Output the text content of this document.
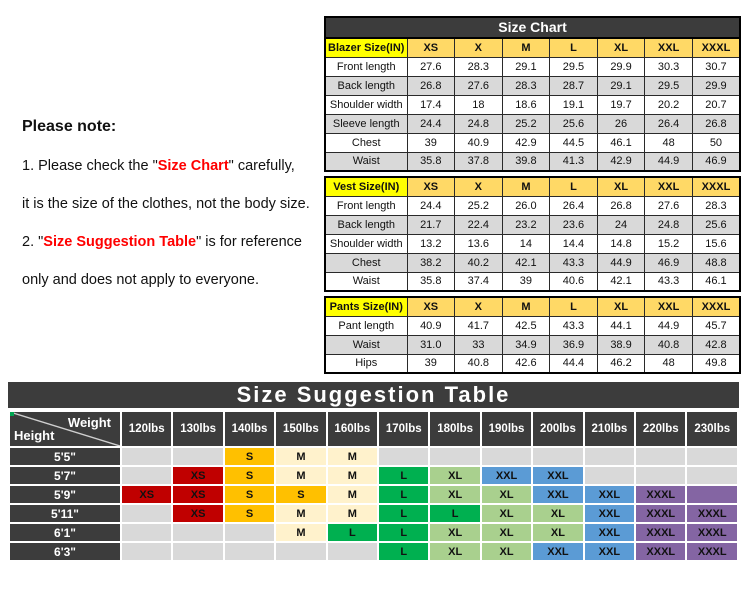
Please note:
1. Please check the "Size Chart" carefully,
it is the size of the clothes, not the body size.
2. "Size Suggestion Table" is for reference
only and does not apply to everyone.
Size Chart
Blazer Size(IN)	XS	X	M	L	XL	XXL	XXXL
Front length	27.6	28.3	29.1	29.5	29.9	30.3	30.7
Back length	26.8	27.6	28.3	28.7	29.1	29.5	29.9
Shoulder width	17.4	18	18.6	19.1	19.7	20.2	20.7
Sleeve length	24.4	24.8	25.2	25.6	26	26.4	26.8
Chest	39	40.9	42.9	44.5	46.1	48	50
Waist	35.8	37.8	39.8	41.3	42.9	44.9	46.9
Vest Size(IN)	XS	X	M	L	XL	XXL	XXXL
Front length	24.4	25.2	26.0	26.4	26.8	27.6	28.3
Back length	21.7	22.4	23.2	23.6	24	24.8	25.6
Shoulder width	13.2	13.6	14	14.4	14.8	15.2	15.6
Chest	38.2	40.2	42.1	43.3	44.9	46.9	48.8
Waist	35.8	37.4	39	40.6	42.1	43.3	46.1
Pants Size(IN)	XS	X	M	L	XL	XXL	XXXL
Pant length	40.9	41.7	42.5	43.3	44.1	44.9	45.7
Waist	31.0	33	34.9	36.9	38.9	40.8	42.8
Hips	39	40.8	42.6	44.4	46.2	48	49.8
Size Suggestion Table
Weight
Height	120lbs	130lbs	140lbs	150lbs	160lbs	170lbs	180lbs	190lbs	200lbs	210lbs	220lbs	230lbs
5'5"			S	M	M							
5'7"		XS	S	M	M	L	XL	XXL	XXL			
5'9"	XS	XS	S	S	M	L	XL	XL	XXL	XXL	XXXL	
5'11"		XS	S	M	M	L	L	XL	XL	XXL	XXXL	XXXL
6'1"				M	L	L	XL	XL	XL	XXL	XXXL	XXXL
6'3"						L	XL	XL	XXL	XXL	XXXL	XXXL
